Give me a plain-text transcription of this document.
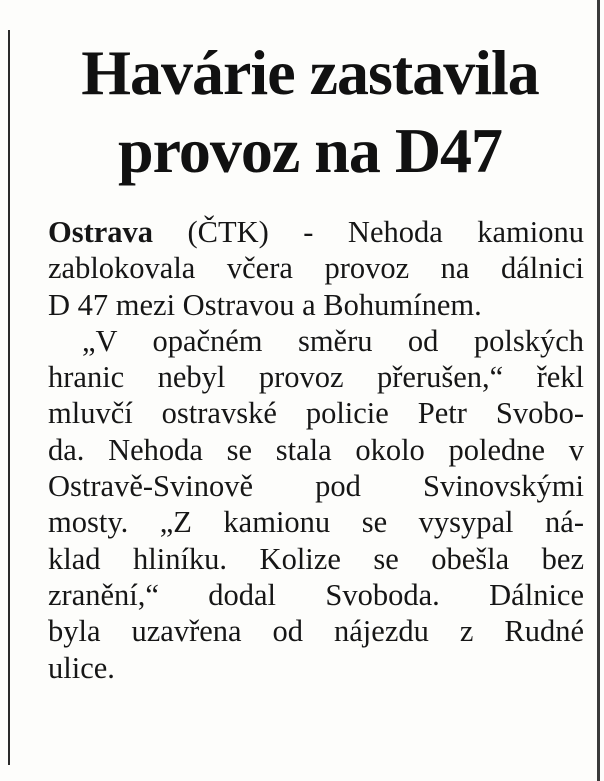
Havárie zastavila
provoz na D47
Ostrava (ČTK) - Nehoda kamionu
zablokovala včera provoz na dálnici
D 47 mezi Ostravou a Bohumínem.
„V opačném směru od polských
hranic nebyl provoz přerušen,“ řekl
mluvčí ostravské policie Petr Svobo-
da. Nehoda se stala okolo poledne v
Ostravě-Svinově pod Svinovskými
mosty. „Z kamionu se vysypal ná-
klad hliníku. Kolize se obešla bez
zranění,“ dodal Svoboda. Dálnice
byla uzavřena od nájezdu z Rudné
ulice.
